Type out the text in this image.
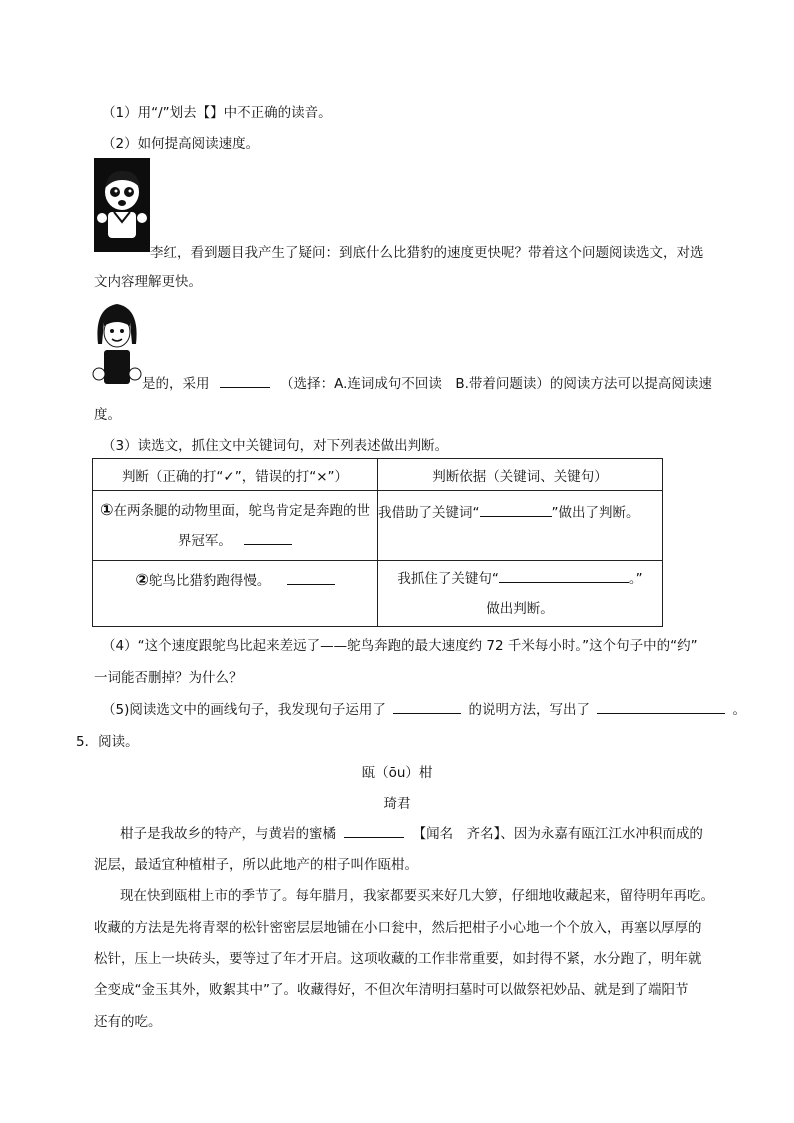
（1）用“/”划去【】中不正确的读音。
（2）如何提高阅读速度。
李红，看到题目我产生了疑问：到底什么比猎豹的速度更快呢？带着这个问题阅读选文，对选
文内容理解更快。
是的，采用	（选择：A.连词成句不回读　B.带着问题读）的阅读方法可以提高阅读速
度。
（3）读选文，抓住文中关键词句，对下列表述做出判断。
判断（正确的打“✓”，错误的打“×”）	判断依据（关键词、关键句）

①在两条腿的动物里面，鸵鸟肯定是奔跑的世
界冠军。	我借助了关键词“ ”做出了判断。
②鸵鸟比猎豹跑得慢。	我抓住了关键句“ 。”
做出判断。
（4）“这个速度跟鸵鸟比起来差远了——鸵鸟奔跑的最大速度约 72 千米每小时。”这个句子中的“约”
一词能否删掉？为什么？
（5)阅读选文中的画线句子，我发现句子运用了	的说明方法，写出了	。
5．阅读。
瓯（ōu）柑
琦君
柑子是我故乡的特产，与黄岩的蜜橘	【闻名　齐名】、因为永嘉有瓯江江水冲积而成的
泥层，最适宜种植柑子，所以此地产的柑子叫作瓯柑。
现在快到瓯柑上市的季节了。每年腊月，我家都要买来好几大箩，仔细地收藏起来，留待明年再吃。
收藏的方法是先将青翠的松针密密层层地铺在小口瓮中，然后把柑子小心地一个个放入，再塞以厚厚的
松针，压上一块砖头，要等过了年才开启。这项收藏的工作非常重要，如封得不紧，水分跑了，明年就
全变成“金玉其外，败絮其中”了。收藏得好，不但次年清明扫墓时可以做祭祀妙品、就是到了端阳节
还有的吃。
